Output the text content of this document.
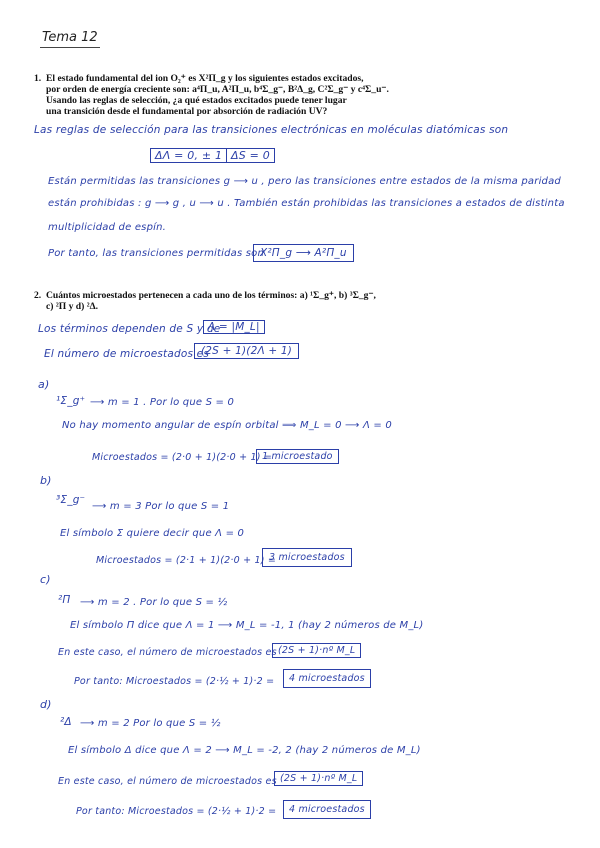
Tema 12
1. El estado fundamental del ion O₂⁺ es X²Π_g y los siguientes estados excitados,
por orden de energía creciente son: a⁴Π_u, A²Π_u, b⁴Σ_g⁻, B²Δ_g, C²Σ_g⁻ y c⁴Σ_u⁻.
Usando las reglas de selección, ¿a qué estados excitados puede tener lugar
una transición desde el fundamental por absorción de radiación UV?
Las reglas de selección para las transiciones electrónicas en moléculas diatómicas son
ΔΛ = 0, ± 1 ΔS = 0
Están permitidas las transiciones g ⟶ u , pero las transiciones entre estados de la misma paridad
están prohibidas : g ⟶ g , u ⟶ u . También están prohibidas las transiciones a estados de distinta
multiplicidad de espín.
Por tanto, las transiciones permitidas son
X²Π_g ⟶ A²Π_u
2. Cuántos microestados pertenecen a cada uno de los términos: a) ¹Σ_g⁺, b) ³Σ_g⁻,
c) ²Π y d) ²Δ.
Los términos dependen de S y de
Λ = |M_L|
El número de microestados es
(2S + 1)(2Λ + 1)
a)
¹Σ_g⁺ ⟶ m = 1 . Por lo que S = 0
No hay momento angular de espín orbital ⟹ M_L = 0 ⟶ Λ = 0
Microestados = (2·0 + 1)(2·0 + 1) =
1 microestado
b)
³Σ_g⁻
⟶ m = 3 Por lo que S = 1
El símbolo Σ quiere decir que Λ = 0
Microestados = (2·1 + 1)(2·0 + 1) =
3 microestados
c)
²Π ⟶ m = 2 . Por lo que S = ½
El símbolo Π dice que Λ = 1 ⟶ M_L = -1, 1 (hay 2 números de M_L)
En este caso, el número de microestados es (2S + 1)·nº M_L
Por tanto: Microestados = (2·½ + 1)·2 =	4 microestados
d)
²Δ ⟶ m = 2 Por lo que S = ½
El símbolo Δ dice que Λ = 2 ⟶ M_L = -2, 2 (hay 2 números de M_L)
En este caso, el número de microestados es (2S + 1)·nº M_L
Por tanto: Microestados = (2·½ + 1)·2 =	4 microestados
